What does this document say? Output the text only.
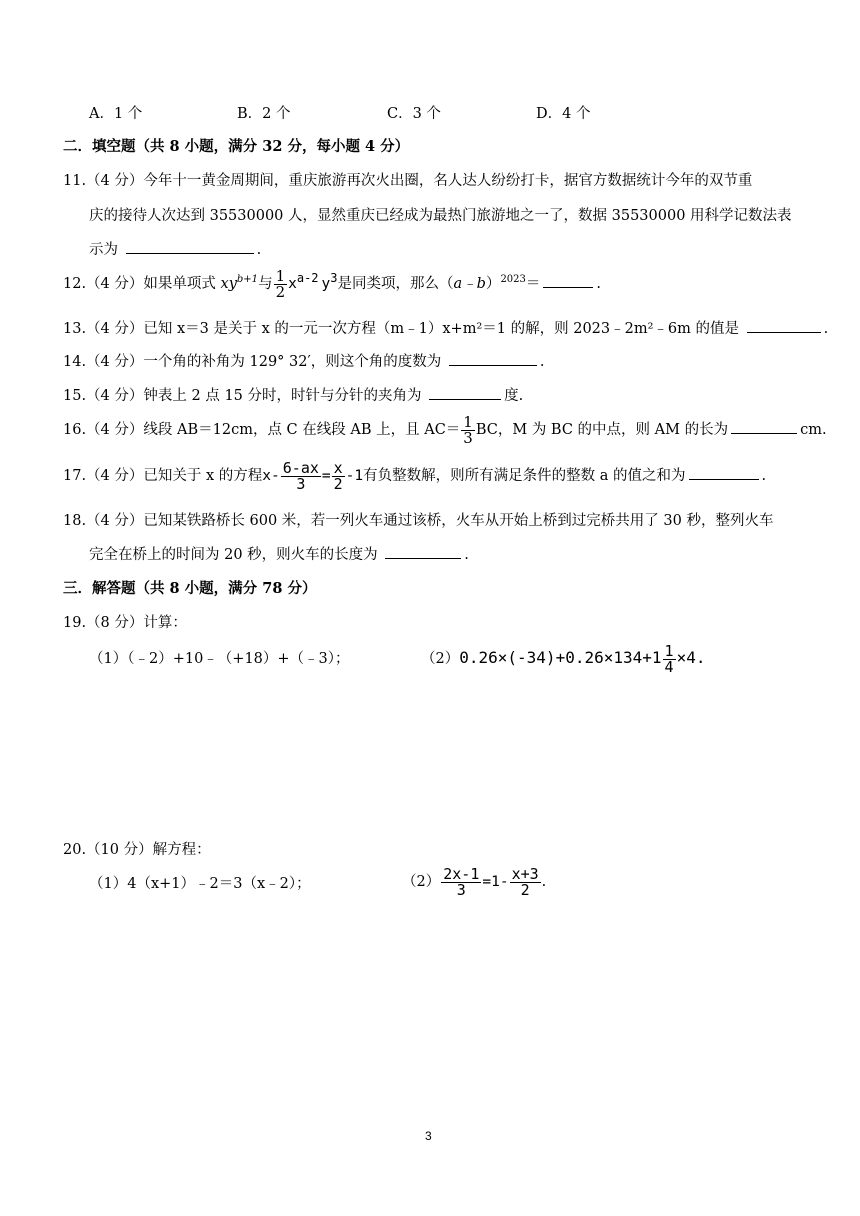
A．1 个	B．2 个	C．3 个	D．4 个
二．填空题（共 8 小题，满分 32 分，每小题 4 分）
11.（4 分）今年十一黄金周期间，重庆旅游再次火出圈，名人达人纷纷打卡，据官方数据统计今年的双节重
庆的接待人次达到 35530000 人，显然重庆已经成为最热门旅游地之一了，数据 35530000 用科学记数法表
示为	.
12.（4 分）如果单项式 $xy^{b+1}$与 $\frac{1}{2} x^{a-2}$ $y^3$是同类项，那么（a﹣b）$^{2023}$＝	.
13.（4 分）已知 x＝3 是关于 x 的一元一次方程（m﹣1）x+m²＝1 的解，则 2023﹣2m²﹣6m 的值是	.
14.（4 分）一个角的补角为 129° 32′，则这个角的度数为	.
15.（4 分）钟表上 2 点 15 分时，时针与分针的夹角为	度.
16.（4 分）线段 AB＝12cm，点 C 在线段 AB 上，且 $AC= \frac{1}{3}$ BC，M 为 BC 的中点，则 AM 的长为	cm.
17.（4 分）已知关于 x 的方程$x- \frac{6-ax}{3} = \frac{x}{2} -1$有负整数解，则所有满足条件的整数 a 的值之和为	.
18.（4 分）已知某铁路桥长 600 米，若一列火车通过该桥，火车从开始上桥到过完桥共用了 30 秒，整列火车
完全在桥上的时间为 20 秒，则火车的长度为	.
三．解答题（共 8 小题，满分 78 分）
19.（8 分）计算：
（1）（﹣2）+10﹣（+18）+（﹣3）；	$(2)0.26\times(-34)+0.26\times 134+1 \frac{1}{4} \times 4$.
20.（10 分）解方程：
（1）4（x+1）﹣2＝3（x﹣2）；	$(2) \frac{2x-1}{3} =1- \frac{x+3}{2}$ .
3
